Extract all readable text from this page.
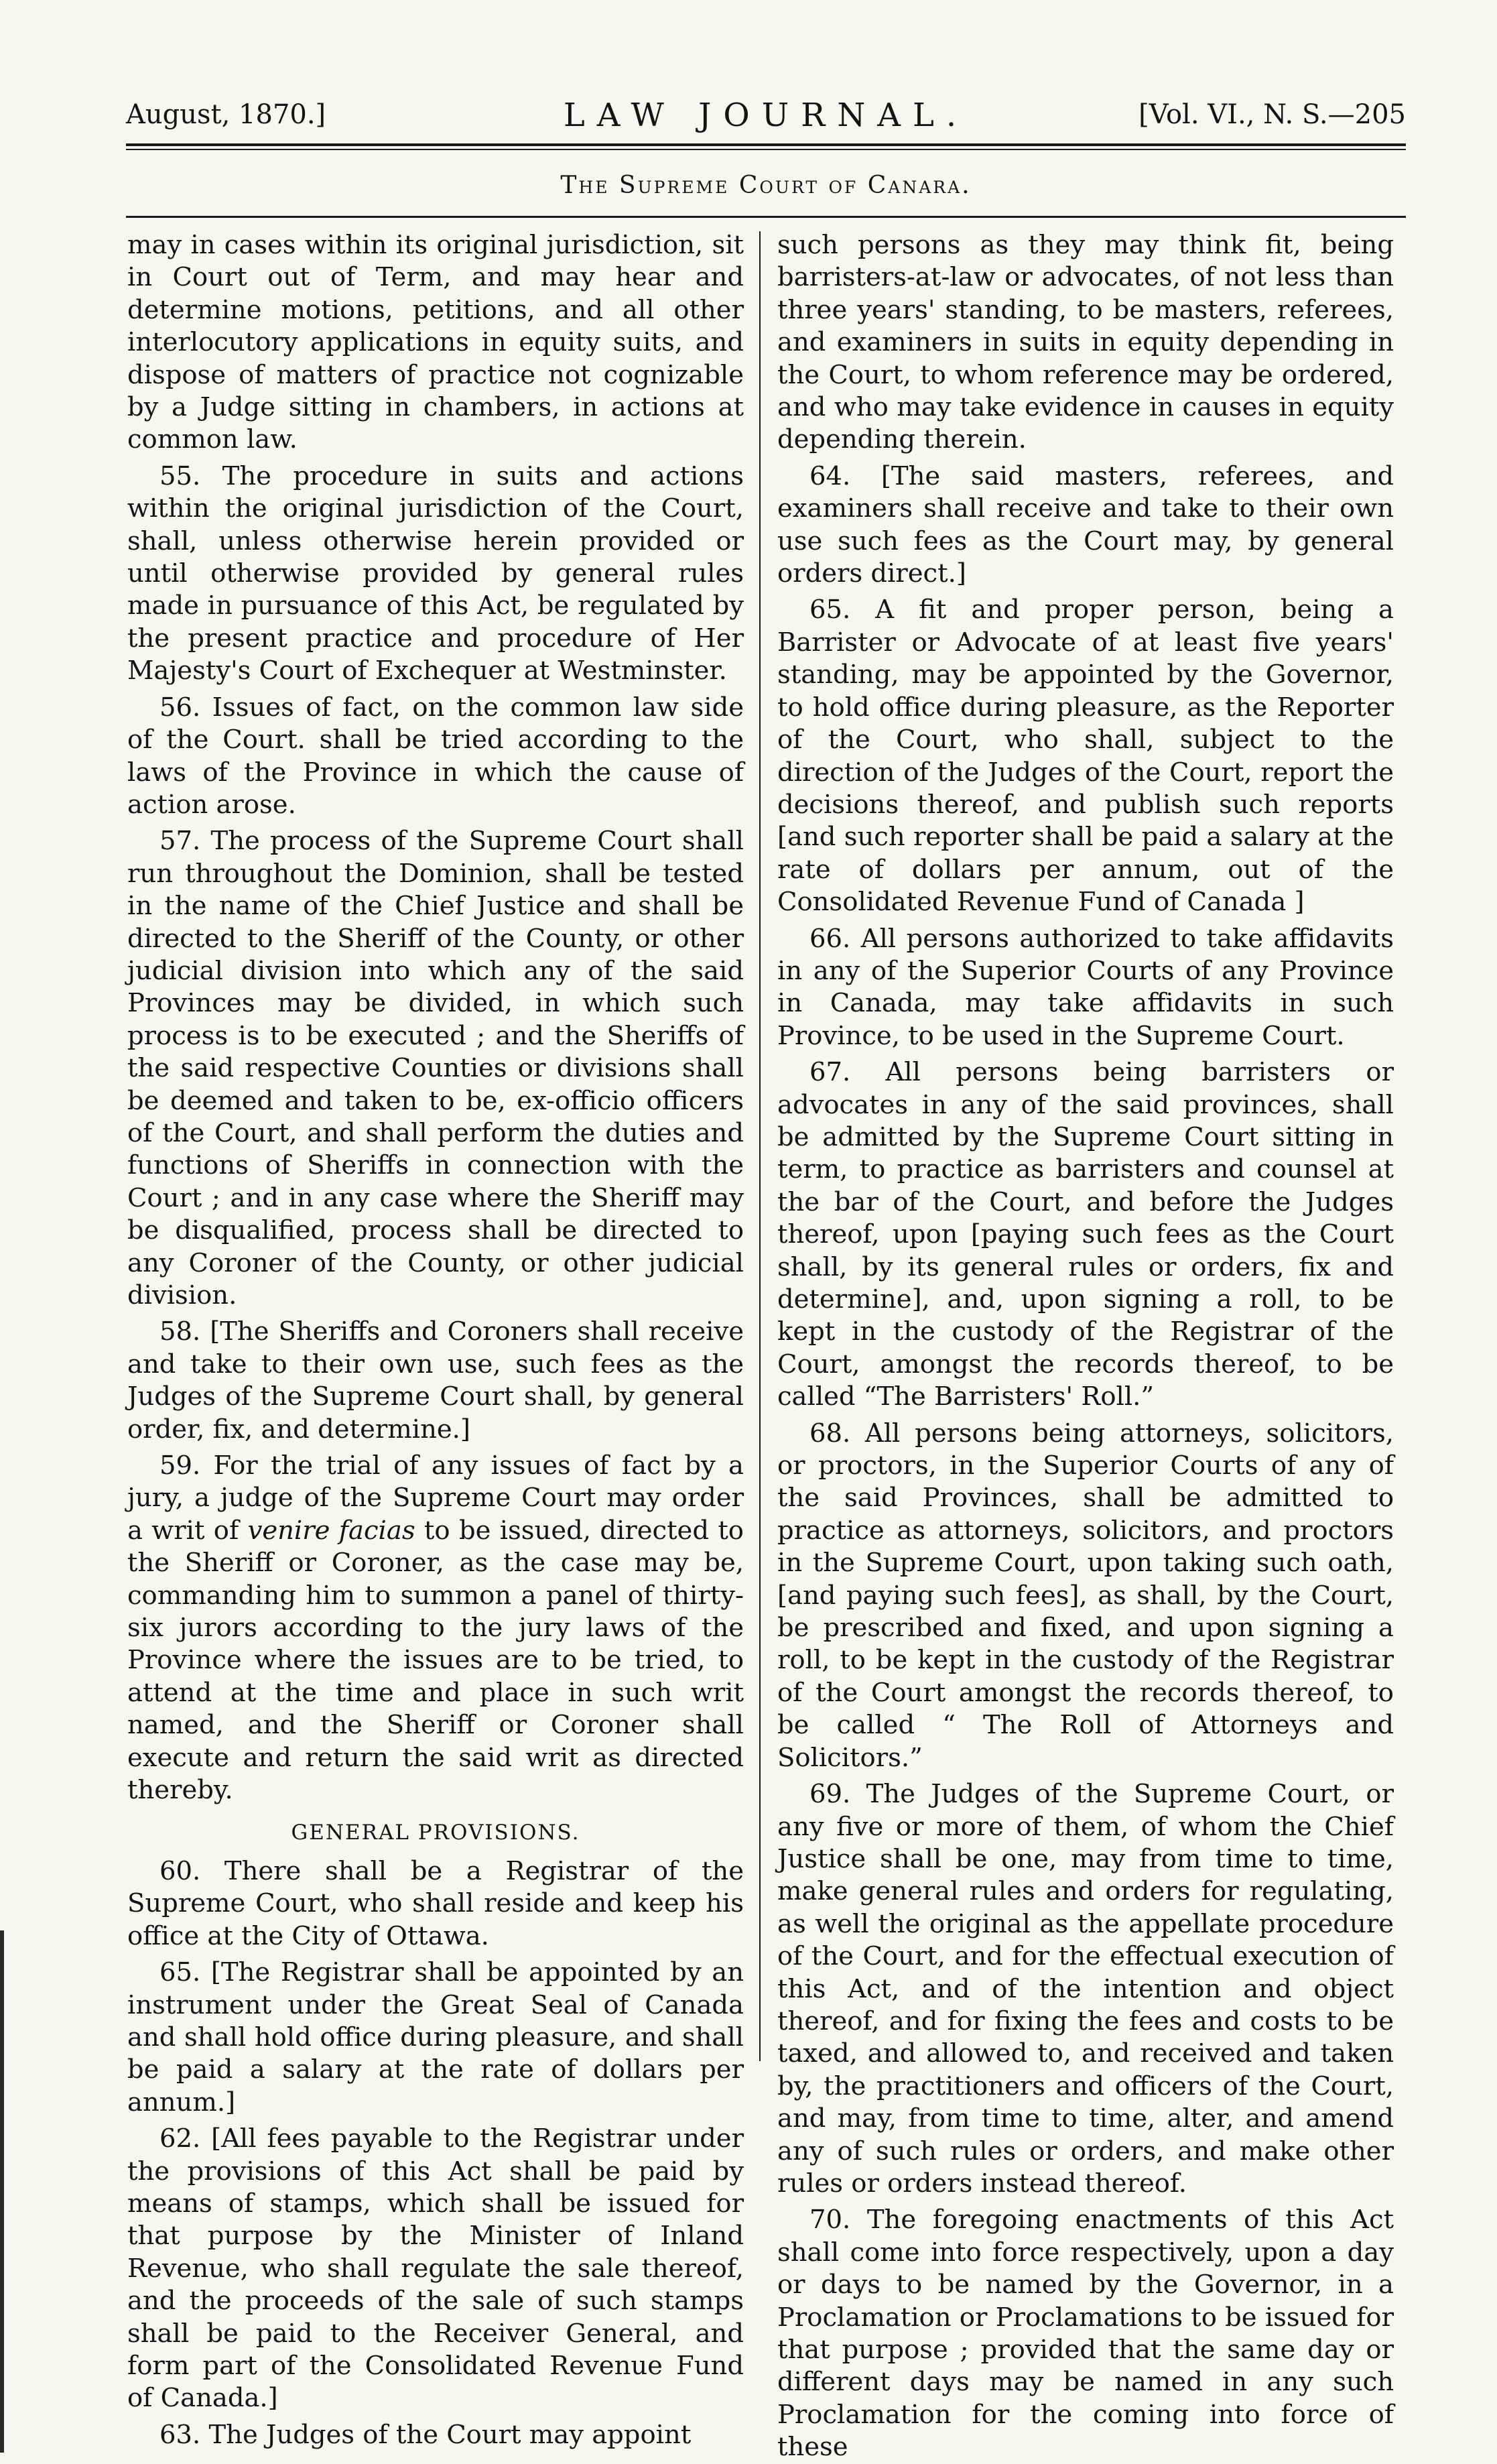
August, 1870.]	LAW JOURNAL.	[Vol. VI., N. S.—205
The Supreme Court of Canara.

may in cases within its original jurisdiction, sit in Court out of Term, and may hear and determine motions, petitions, and all other interlocutory applications in equity suits, and dispose of matters of practice not cognizable by a Judge sitting in chambers, in actions at common law.

55. The procedure in suits and actions within the original jurisdiction of the Court, shall, unless otherwise herein provided or until otherwise provided by general rules made in pursuance of this Act, be regulated by the present practice and procedure of Her Majesty's Court of Exchequer at Westminster.

56. Issues of fact, on the common law side of the Court. shall be tried according to the laws of the Province in which the cause of action arose.

57. The process of the Supreme Court shall run throughout the Dominion, shall be tested in the name of the Chief Justice and shall be directed to the Sheriff of the County, or other judicial division into which any of the said Provinces may be divided, in which such process is to be executed ; and the Sheriffs of the said respective Counties or divisions shall be deemed and taken to be, ex-officio officers of the Court, and shall perform the duties and functions of Sheriffs in connection with the Court ; and in any case where the Sheriff may be disqualified, process shall be directed to any Coroner of the County, or other judicial division.

58. [The Sheriffs and Coroners shall receive and take to their own use, such fees as the Judges of the Supreme Court shall, by general order, fix, and determine.]

59. For the trial of any issues of fact by a jury, a judge of the Supreme Court may order a writ of venire facias to be issued, directed to the Sheriff or Coroner, as the case may be, commanding him to summon a panel of thirty-six jurors according to the jury laws of the Province where the issues are to be tried, to attend at the time and place in such writ named, and the Sheriff or Coroner shall execute and return the said writ as directed thereby.

GENERAL PROVISIONS.

60. There shall be a Registrar of the Supreme Court, who shall reside and keep his office at the City of Ottawa.

65. [The Registrar shall be appointed by an instrument under the Great Seal of Canada and shall hold office during pleasure, and shall be paid a salary at the rate of dollars per annum.]

62. [All fees payable to the Registrar under the provisions of this Act shall be paid by means of stamps, which shall be issued for that purpose by the Minister of Inland Revenue, who shall regulate the sale thereof, and the proceeds of the sale of such stamps shall be paid to the Receiver General, and form part of the Consolidated Revenue Fund of Canada.]

63. The Judges of the Court may appoint

such persons as they may think fit, being barristers-at-law or advocates, of not less than three years' standing, to be masters, referees, and examiners in suits in equity depending in the Court, to whom reference may be ordered, and who may take evidence in causes in equity depending therein.

64. [The said masters, referees, and examiners shall receive and take to their own use such fees as the Court may, by general orders direct.]

65. A fit and proper person, being a Barrister or Advocate of at least five years' standing, may be appointed by the Governor, to hold office during pleasure, as the Reporter of the Court, who shall, subject to the direction of the Judges of the Court, report the decisions thereof, and publish such reports [and such reporter shall be paid a salary at the rate of dollars per annum, out of the Consolidated Revenue Fund of Canada ]

66. All persons authorized to take affidavits in any of the Superior Courts of any Province in Canada, may take affidavits in such Province, to be used in the Supreme Court.

67. All persons being barristers or advocates in any of the said provinces, shall be admitted by the Supreme Court sitting in term, to practice as barristers and counsel at the bar of the Court, and before the Judges thereof, upon [paying such fees as the Court shall, by its general rules or orders, fix and determine], and, upon signing a roll, to be kept in the custody of the Registrar of the Court, amongst the records thereof, to be called “The Barristers' Roll.”

68. All persons being attorneys, solicitors, or proctors, in the Superior Courts of any of the said Provinces, shall be admitted to practice as attorneys, solicitors, and proctors in the Supreme Court, upon taking such oath, [and paying such fees], as shall, by the Court, be prescribed and fixed, and upon signing a roll, to be kept in the custody of the Registrar of the Court amongst the records thereof, to be called “ The Roll of Attorneys and Solicitors.”

69. The Judges of the Supreme Court, or any five or more of them, of whom the Chief Justice shall be one, may from time to time, make general rules and orders for regulating, as well the original as the appellate procedure of the Court, and for the effectual execution of this Act, and of the intention and object thereof, and for fixing the fees and costs to be taxed, and allowed to, and received and taken by, the practitioners and officers of the Court, and may, from time to time, alter, and amend any of such rules or orders, and make other rules or orders instead thereof.

70. The foregoing enactments of this Act shall come into force respectively, upon a day or days to be named by the Governor, in a Proclamation or Proclamations to be issued for that purpose ; provided that the same day or different days may be named in any such Proclamation for the coming into force of these
